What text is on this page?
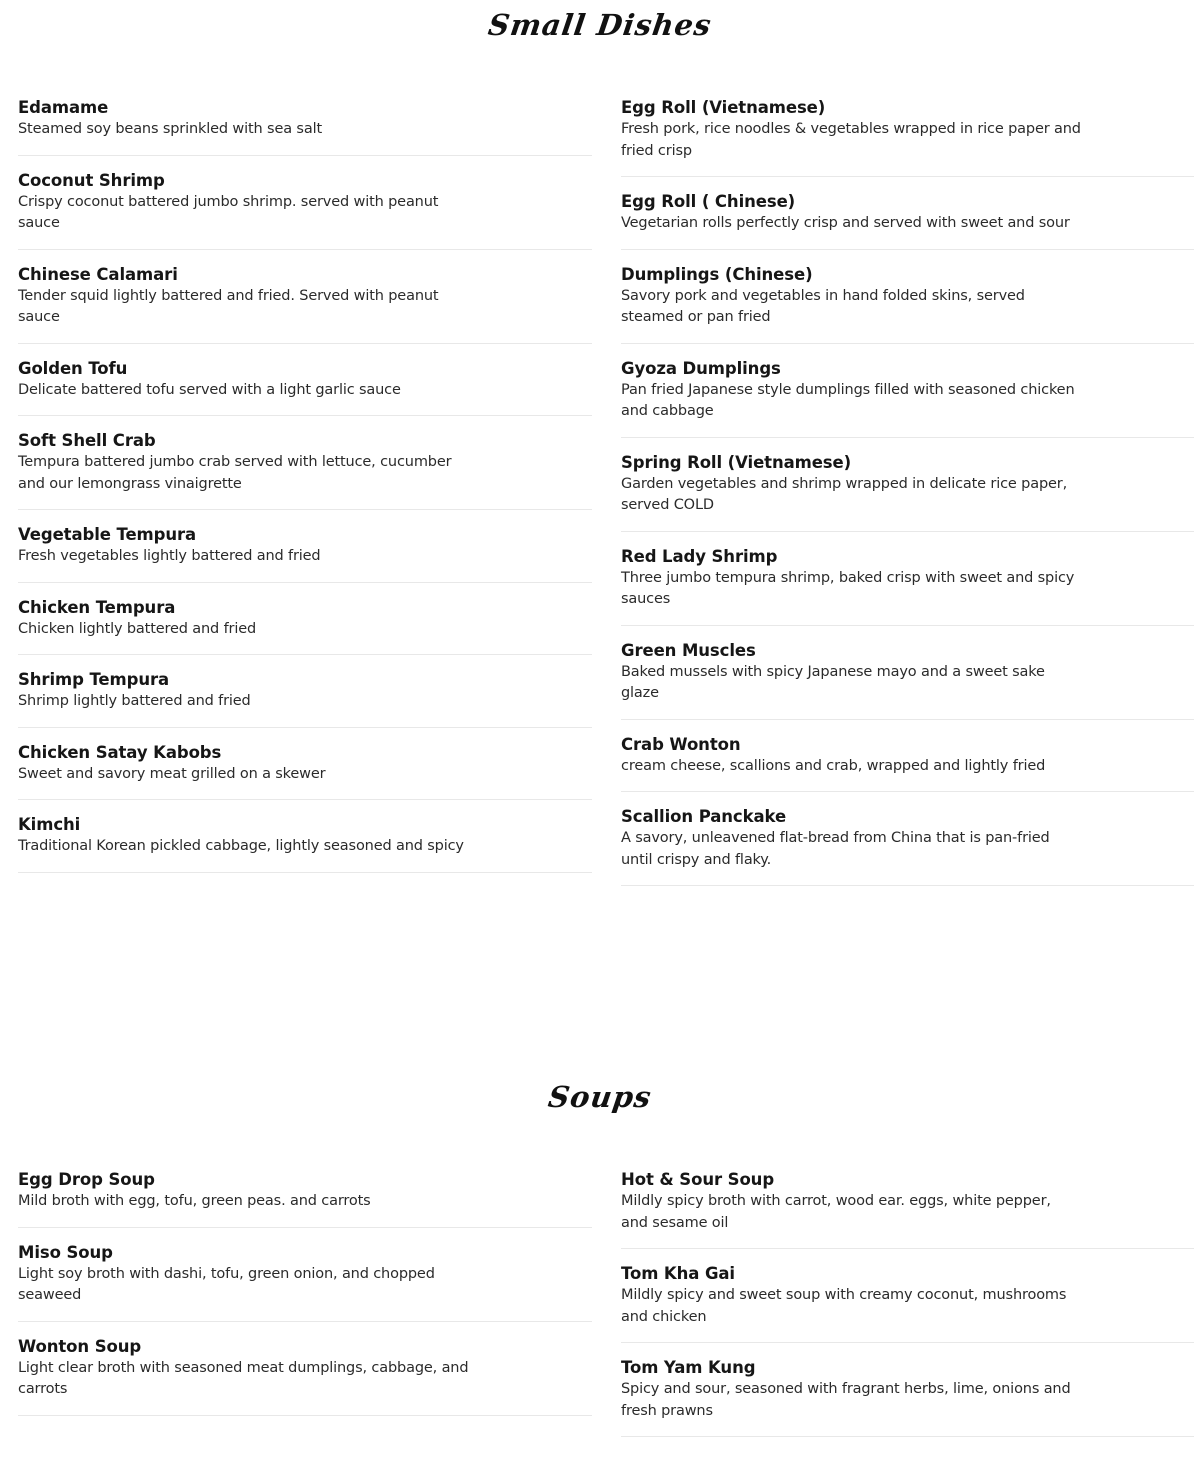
Small Dishes
Edamame
Steamed soy beans sprinkled with sea salt
Coconut Shrimp
Crispy coconut battered jumbo shrimp. served with peanut sauce
Chinese Calamari
Tender squid lightly battered and fried. Served with peanut sauce
Golden Tofu
Delicate battered tofu served with a light garlic sauce
Soft Shell Crab
Tempura battered jumbo crab served with lettuce, cucumber and our lemongrass vinaigrette
Vegetable Tempura
Fresh vegetables lightly battered and fried
Chicken Tempura
Chicken lightly battered and fried
Shrimp Tempura
Shrimp lightly battered and fried
Chicken Satay Kabobs
Sweet and savory meat grilled on a skewer
Kimchi
Traditional Korean pickled cabbage, lightly seasoned and spicy
Egg Roll (Vietnamese)
Fresh pork, rice noodles & vegetables wrapped in rice paper and fried crisp
Egg Roll ( Chinese)
Vegetarian rolls perfectly crisp and served with sweet and sour
Dumplings (Chinese)
Savory pork and vegetables in hand folded skins, served steamed or pan fried
Gyoza Dumplings
Pan fried Japanese style dumplings filled with seasoned chicken and cabbage
Spring Roll (Vietnamese)
Garden vegetables and shrimp wrapped in delicate rice paper, served COLD
Red Lady Shrimp
Three jumbo tempura shrimp, baked crisp with sweet and spicy sauces
Green Muscles
Baked mussels with spicy Japanese mayo and a sweet sake glaze
Crab Wonton
cream cheese, scallions and crab, wrapped and lightly fried
Scallion Panckake
A savory, unleavened flat-bread from China that is pan-fried until crispy and flaky.
Soups
Egg Drop Soup
Mild broth with egg, tofu, green peas. and carrots
Miso Soup
Light soy broth with dashi, tofu, green onion, and chopped seaweed
Wonton Soup
Light clear broth with seasoned meat dumplings, cabbage, and carrots
Hot & Sour Soup
Mildly spicy broth with carrot, wood ear. eggs, white pepper, and sesame oil
Tom Kha Gai
Mildly spicy and sweet soup with creamy coconut, mushrooms and chicken
Tom Yam Kung
Spicy and sour, seasoned with fragrant herbs, lime, onions and fresh prawns
